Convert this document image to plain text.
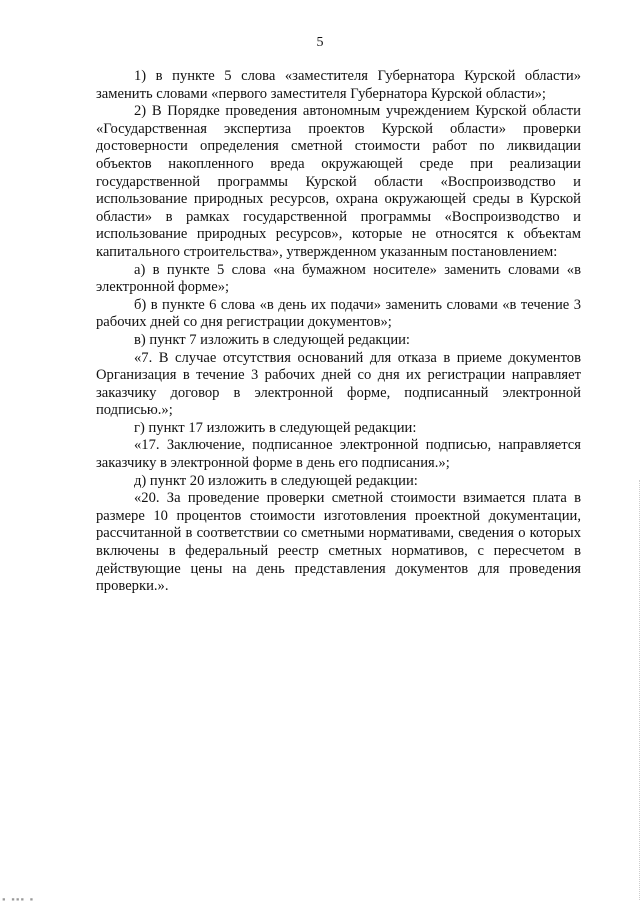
5

1) в пункте 5 слова «заместителя Губернатора Курской области» заменить словами «первого заместителя Губернатора Курской области»;

2) В Порядке проведения автономным учреждением Курской области «Государственная экспертиза проектов Курской области» проверки достоверности определения сметной стоимости работ по ликвидации объектов накопленного вреда окружающей среде при реализации государственной программы Курской области «Воспроизводство и использование природных ресурсов, охрана окружающей среды в Курской области» в рамках государственной программы «Воспроизводство и использование природных ресурсов», которые не относятся к объектам капитального строительства», утвержденном указанным постановлением:

а) в пункте 5 слова «на бумажном носителе» заменить словами «в электронной форме»;

б) в пункте 6 слова «в день их подачи» заменить словами «в течение 3 рабочих дней со дня регистрации документов»;

в) пункт 7 изложить в следующей редакции:

«7. В случае отсутствия оснований для отказа в приеме документов Организация в течение 3 рабочих дней со дня их регистрации направляет заказчику договор в электронной форме, подписанный электронной подписью.»;

г) пункт 17 изложить в следующей редакции:

«17. Заключение, подписанное электронной подписью, направляется заказчику в электронной форме в день его подписания.»;

д) пункт 20 изложить в следующей редакции:

«20. За проведение проверки сметной стоимости взимается плата в размере 10 процентов стоимости изготовления проектной документации, рассчитанной в соответствии со сметными нормативами, сведения о которых включены в федеральный реестр сметных нормативов, с пересчетом в действующие цены на день представления документов для проведения проверки.».

▪ ▪▪▪ ▪
